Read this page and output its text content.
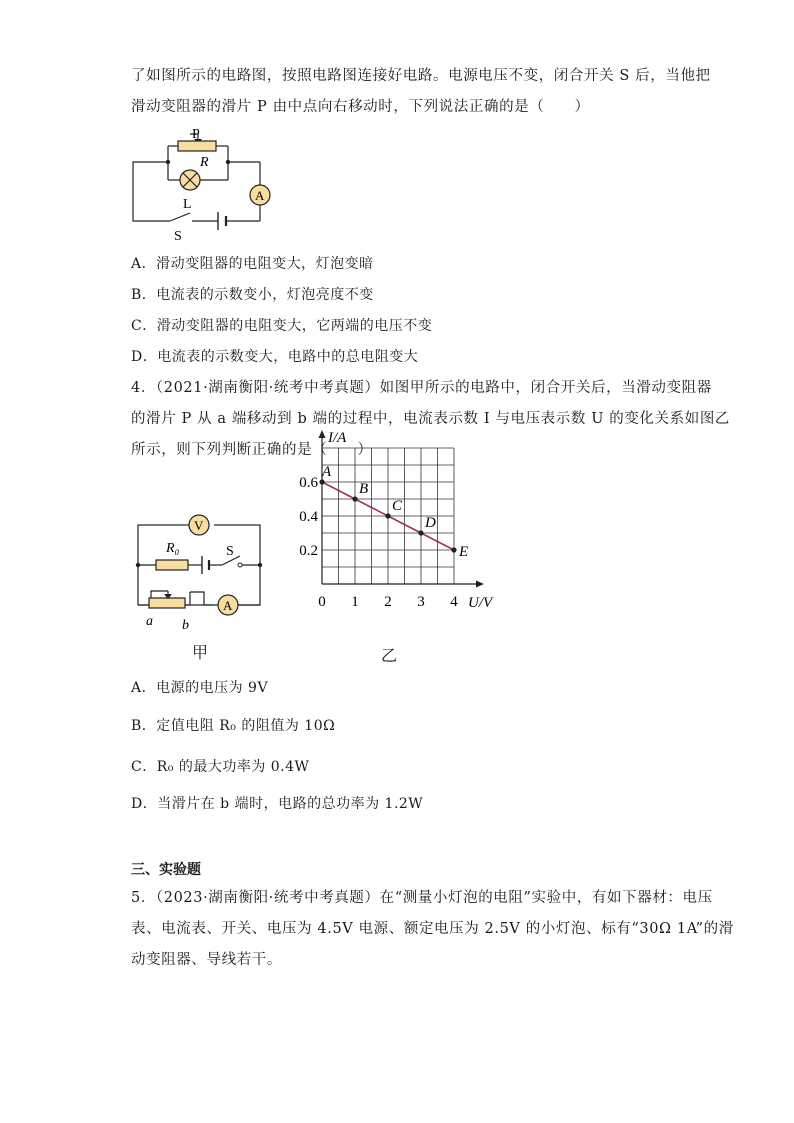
了如图所示的电路图，按照电路图连接好电路。电源电压不变，闭合开关 S 后，当他把
滑动变阻器的滑片 P 由中点向右移动时，下列说法正确的是（　　）
P
R
L
S
A
A．滑动变阻器的电阻变大，灯泡变暗
B．电流表的示数变小，灯泡亮度不变
C．滑动变阻器的电阻变大，它两端的电压不变
D．电流表的示数变大，电路中的总电阻变大
4．（2021·湖南衡阳·统考中考真题）如图甲所示的电路中，闭合开关后，当滑动变阻器
的滑片 P 从 a 端移动到 b 端的过程中，电流表示数 I 与电压表示数 U 的变化关系如图乙
所示，则下列判断正确的是（　　）
V
R₀	S
A
a b
甲
I/A
U/V
0 1 2 3 4
0.2
0.4
0.6
A
B
C
D
E
乙
A．电源的电压为 9V
B．定值电阻 R₀ 的阻值为 10Ω
C．R₀ 的最大功率为 0.4W
D．当滑片在 b 端时，电路的总功率为 1.2W
三、实验题
5．（2023·湖南衡阳·统考中考真题）在“测量小灯泡的电阻”实验中，有如下器材：电压
表、电流表、开关、电压为 4.5V 电源、额定电压为 2.5V 的小灯泡、标有“30Ω 1A”的滑
动变阻器、导线若干。
